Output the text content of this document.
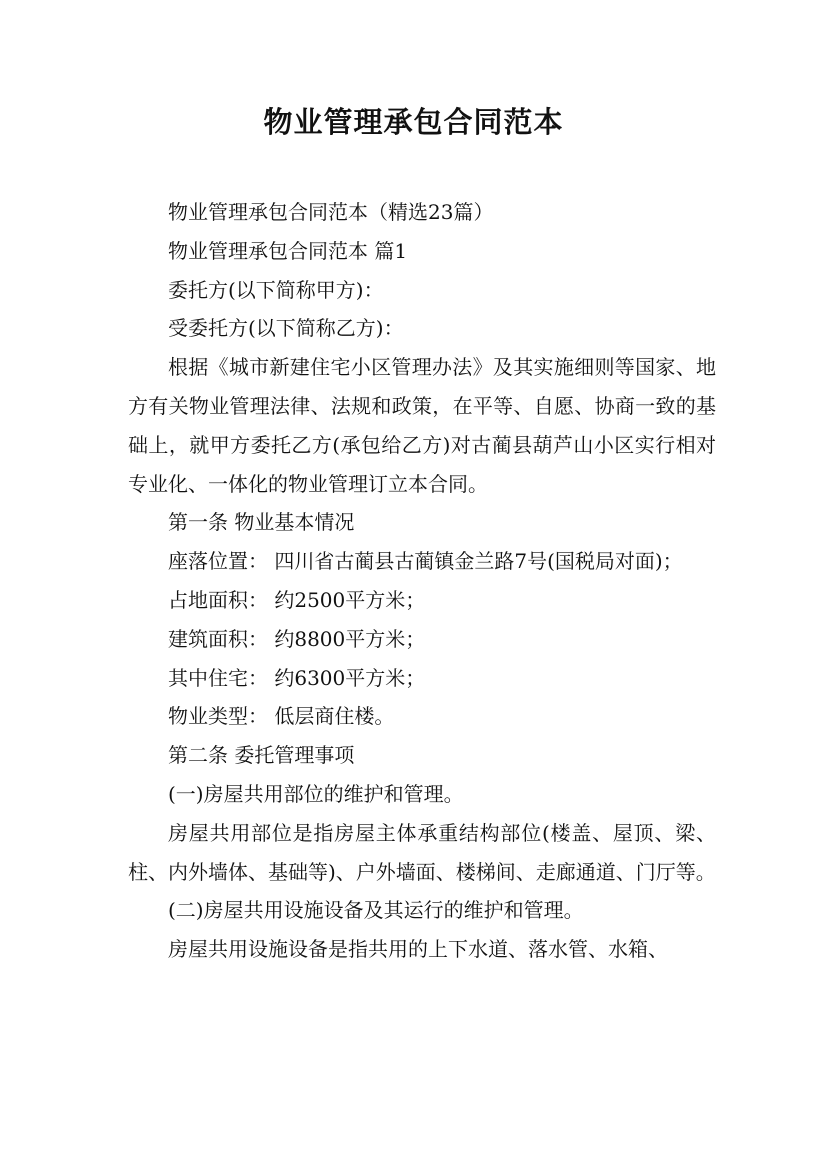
物业管理承包合同范本

物业管理承包合同范本（精选23篇）

物业管理承包合同范本 篇1

委托方(以下简称甲方)：

受委托方(以下简称乙方)：

根据《城市新建住宅小区管理办法》及其实施细则等国家、地方有关物业管理法律、法规和政策，在平等、自愿、协商一致的基础上，就甲方委托乙方(承包给乙方)对古蔺县葫芦山小区实行相对专业化、一体化的物业管理订立本合同。

第一条 物业基本情况

座落位置： 四川省古蔺县古蔺镇金兰路7号(国税局对面)；

占地面积： 约2500平方米；

建筑面积： 约8800平方米；

其中住宅： 约6300平方米；

物业类型： 低层商住楼。

第二条 委托管理事项

(一)房屋共用部位的维护和管理。

房屋共用部位是指房屋主体承重结构部位(楼盖、屋顶、梁、柱、内外墙体、基础等)、户外墙面、楼梯间、走廊通道、门厅等。

(二)房屋共用设施设备及其运行的维护和管理。

房屋共用设施设备是指共用的上下水道、落水管、水箱、
